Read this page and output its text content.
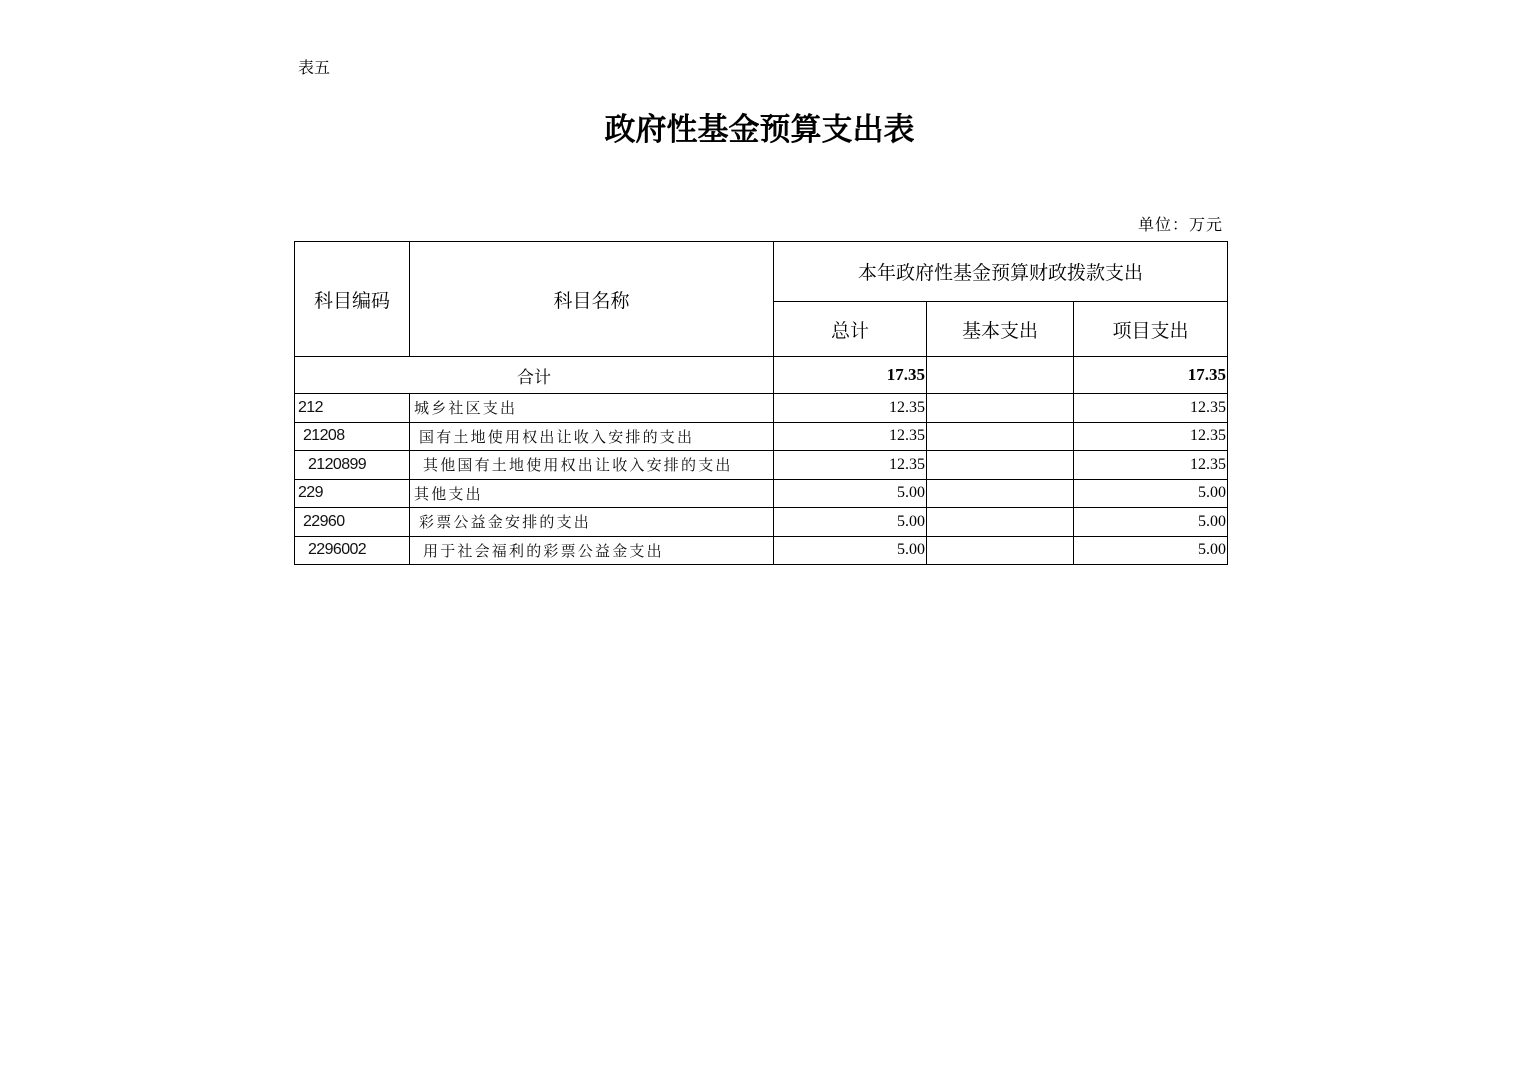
表五
政府性基金预算支出表
单位：万元
科目编码	科目名称	本年政府性基金预算财政拨款支出		
		总计	基本支出	项目支出
合计		17.35		17.35
212	城乡社区支出	12.35		12.35
21208	国有土地使用权出让收入安排的支出	12.35		12.35
2120899	其他国有土地使用权出让收入安排的支出	12.35		12.35
229	其他支出	5.00		5.00
22960	彩票公益金安排的支出	5.00		5.00
2296002	用于社会福利的彩票公益金支出	5.00		5.00
